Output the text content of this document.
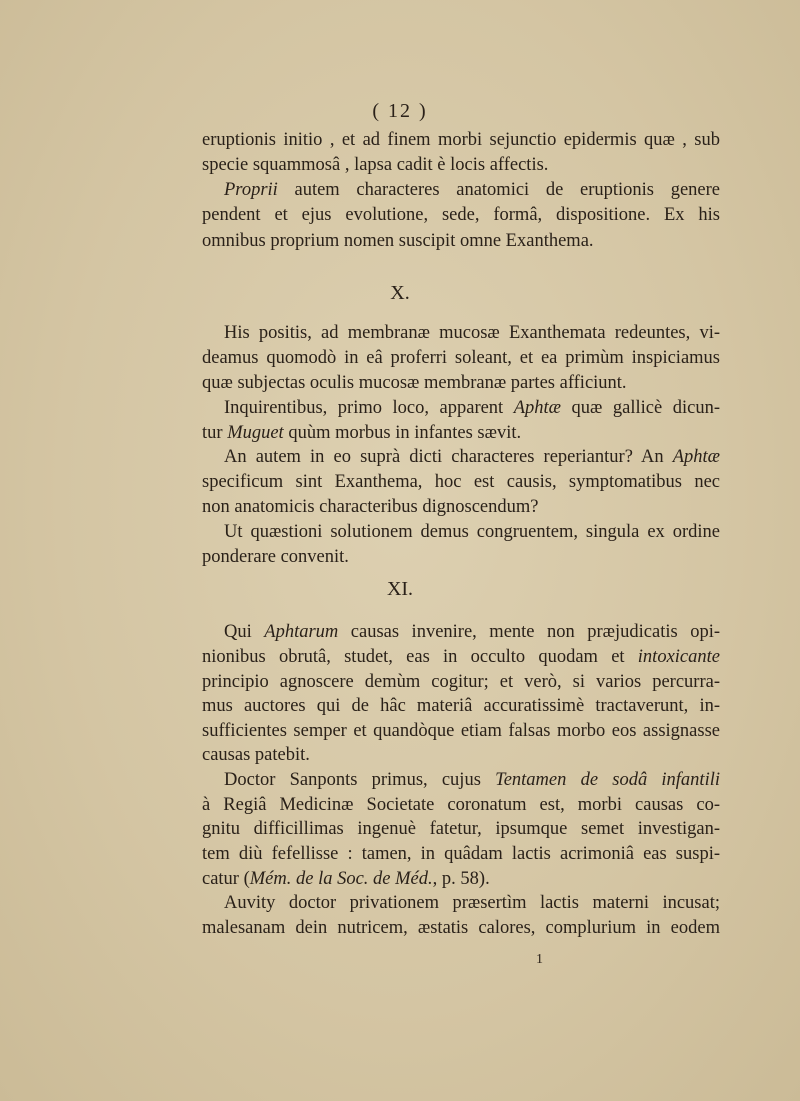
( 12 )
eruptionis initio , et ad finem morbi sejunctio epidermis quæ , sub
specie squammosâ , lapsa cadit è locis affectis.
Proprii autem characteres anatomici de eruptionis genere
pendent et ejus evolutione, sede, formâ, dispositione. Ex his
omnibus proprium nomen suscipit omne Exanthema.
His positis, ad membranæ mucosæ Exanthemata redeuntes, vi-
deamus quomodò in eâ proferri soleant, et ea primùm inspiciamus
quæ subjectas oculis mucosæ membranæ partes afficiunt.
Inquirentibus, primo loco, apparent Aphtæ quæ gallicè dicun-
tur Muguet quùm morbus in infantes sævit.
An autem in eo suprà dicti characteres reperiantur? An Aphtæ
specificum sint Exanthema, hoc est causis, symptomatibus nec
non anatomicis characteribus dignoscendum?
Ut quæstioni solutionem demus congruentem, singula ex ordine
ponderare convenit.
Qui Aphtarum causas invenire, mente non præjudicatis opi-
nionibus obrutâ, studet, eas in occulto quodam et intoxicante
principio agnoscere demùm cogitur; et verò, si varios percurra-
mus auctores qui de hâc materiâ accuratissimè tractaverunt, in-
sufficientes semper et quandòque etiam falsas morbo eos assignasse
causas patebit.
Doctor Sanponts primus, cujus Tentamen de sodâ infantili
à Regiâ Medicinæ Societate coronatum est, morbi causas co-
gnitu difficillimas ingenuè fatetur, ipsumque semet investigan-
tem diù fefellisse : tamen, in quâdam lactis acrimoniâ eas suspi-
catur (Mém. de la Soc. de Méd., p. 58).
Auvity doctor privationem præsertìm lactis materni incusat;
malesanam dein nutricem, æstatis calores, complurium in eodem
X.
XI.
1
